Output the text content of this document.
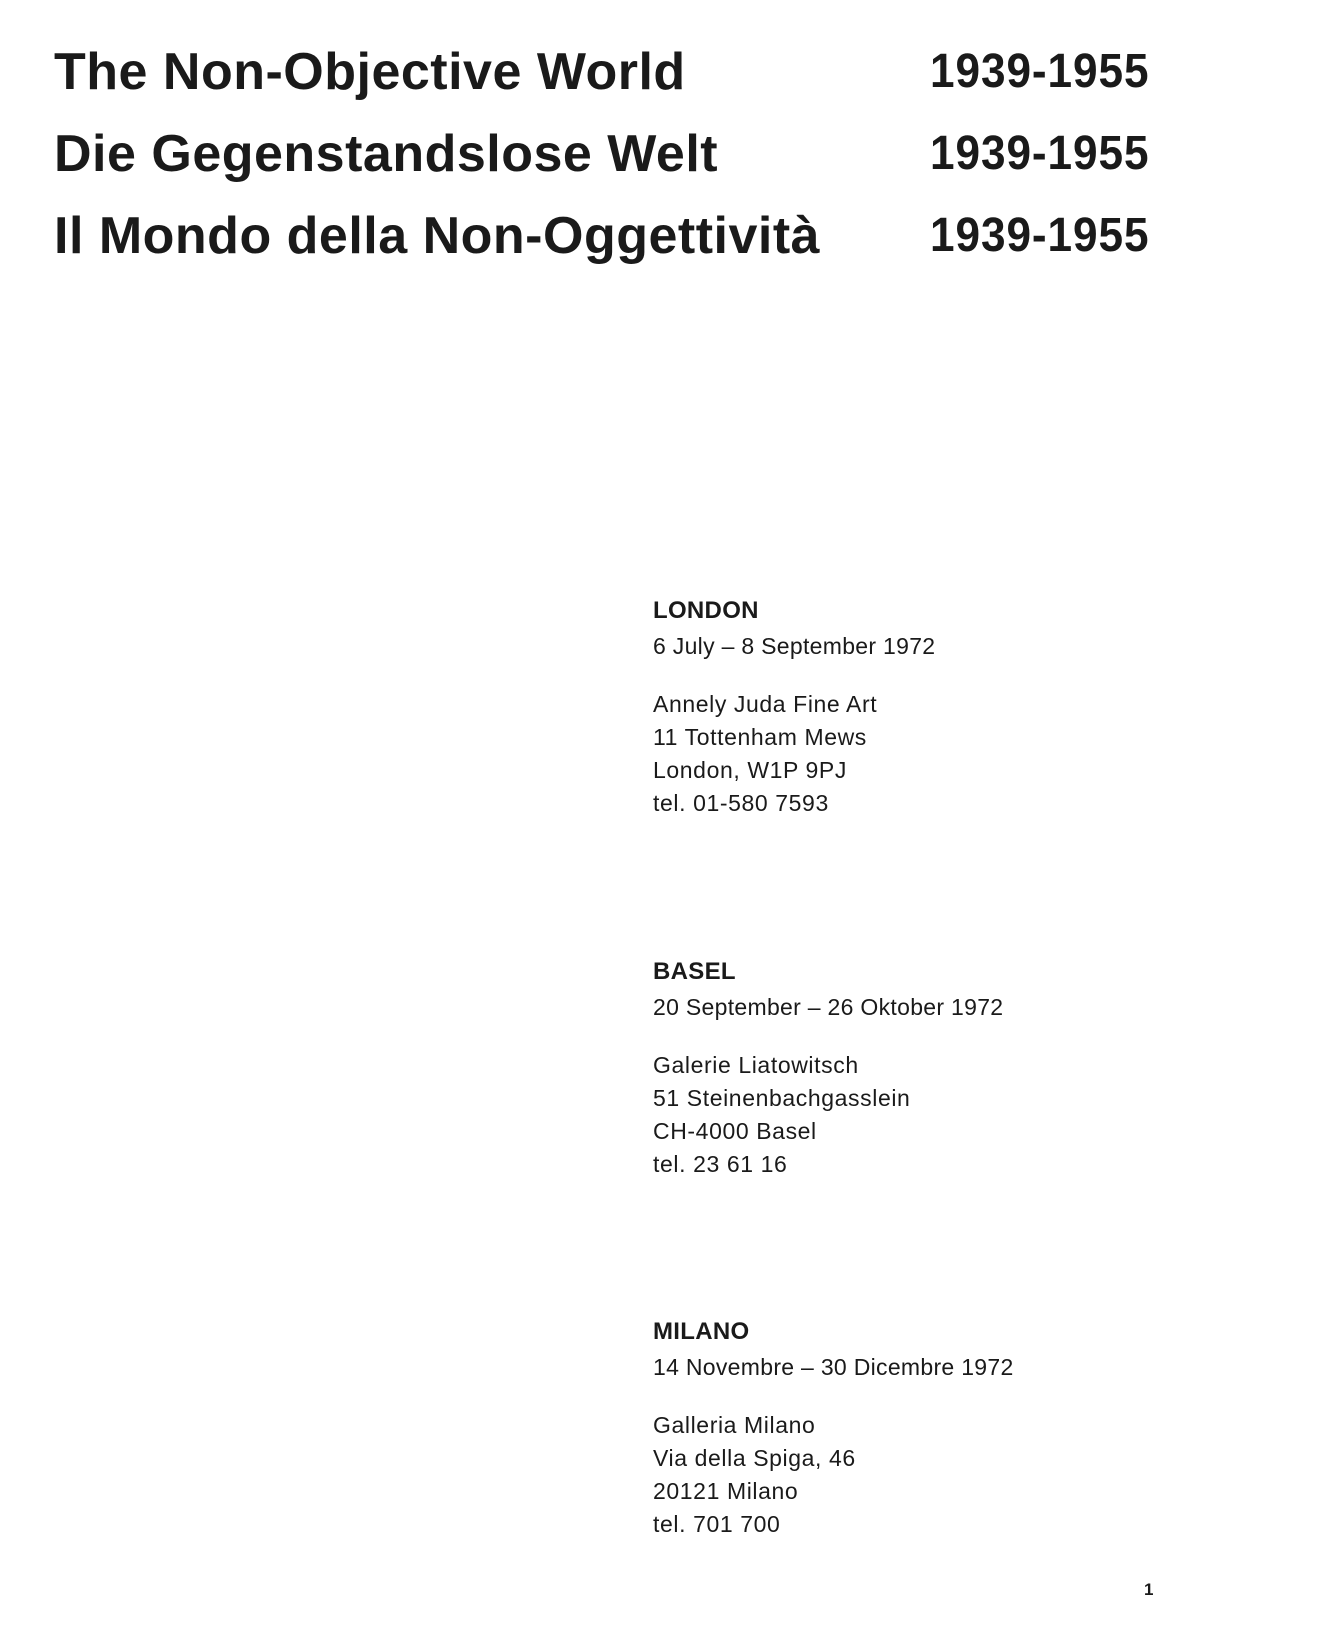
The Non-Objective World	1939-1955
Die Gegenstandslose Welt	1939-1955
Il Mondo della Non-Oggettività 1939-1955

LONDON

6 July – 8 September 1972

Annely Juda Fine Art
11 Tottenham Mews
London, W1P 9PJ
tel. 01-580 7593

BASEL

20 September – 26 Oktober 1972

Galerie Liatowitsch
51 Steinenbachgasslein
CH-4000 Basel
tel. 23 61 16

MILANO

14 Novembre – 30 Dicembre 1972

Galleria Milano
Via della Spiga, 46
20121 Milano
tel. 701 700
1
